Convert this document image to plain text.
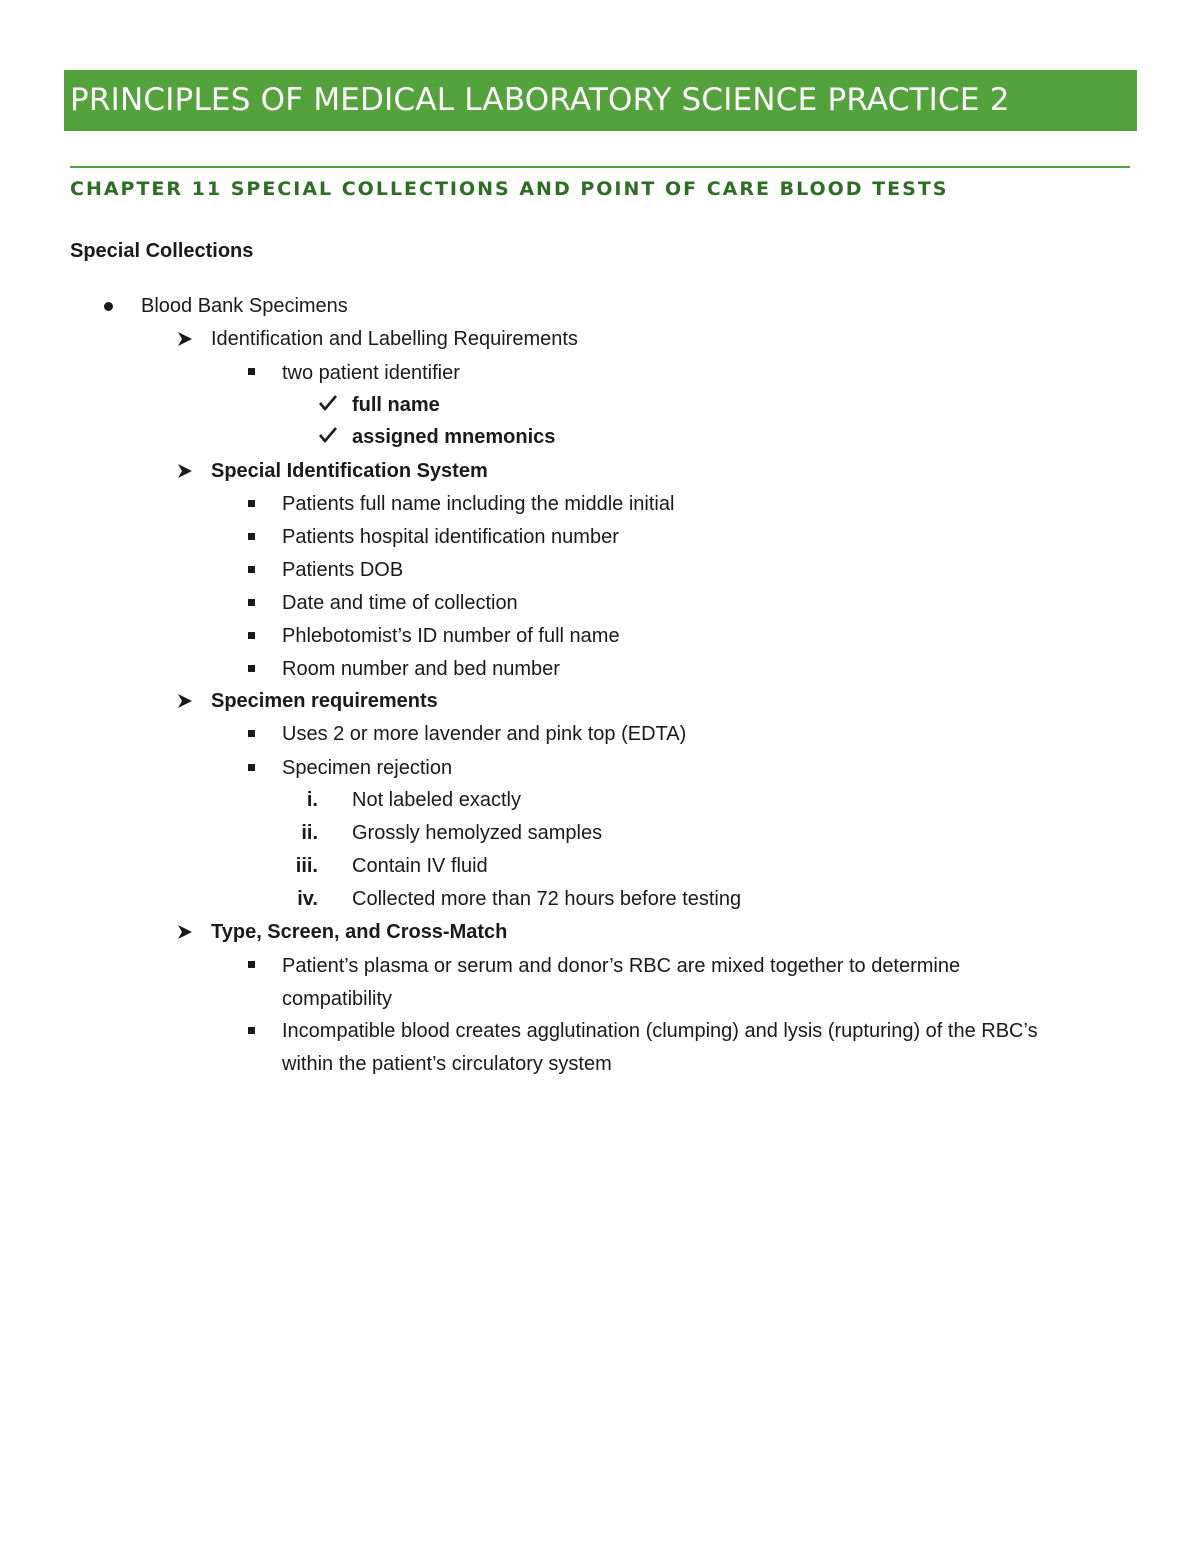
PRINCIPLES OF MEDICAL LABORATORY SCIENCE PRACTICE 2
CHAPTER 11 SPECIAL COLLECTIONS AND POINT OF CARE BLOOD TESTS
Special Collections
Blood Bank Specimens
Identification and Labelling Requirements
two patient identifier
full name
assigned mnemonics
Special Identification System
Patients full name including the middle initial
Patients hospital identification number
Patients DOB
Date and time of collection
Phlebotomist’s ID number of full name
Room number and bed number
Specimen requirements
Uses 2 or more lavender and pink top (EDTA)
Specimen rejection
i. Not labeled exactly
ii. Grossly hemolyzed samples
iii. Contain IV fluid
iv. Collected more than 72 hours before testing
Type, Screen, and Cross-Match
Patient’s plasma or serum and donor’s RBC are mixed together to determine
compatibility
Incompatible blood creates agglutination (clumping) and lysis (rupturing) of the RBC’s
within the patient’s circulatory system
